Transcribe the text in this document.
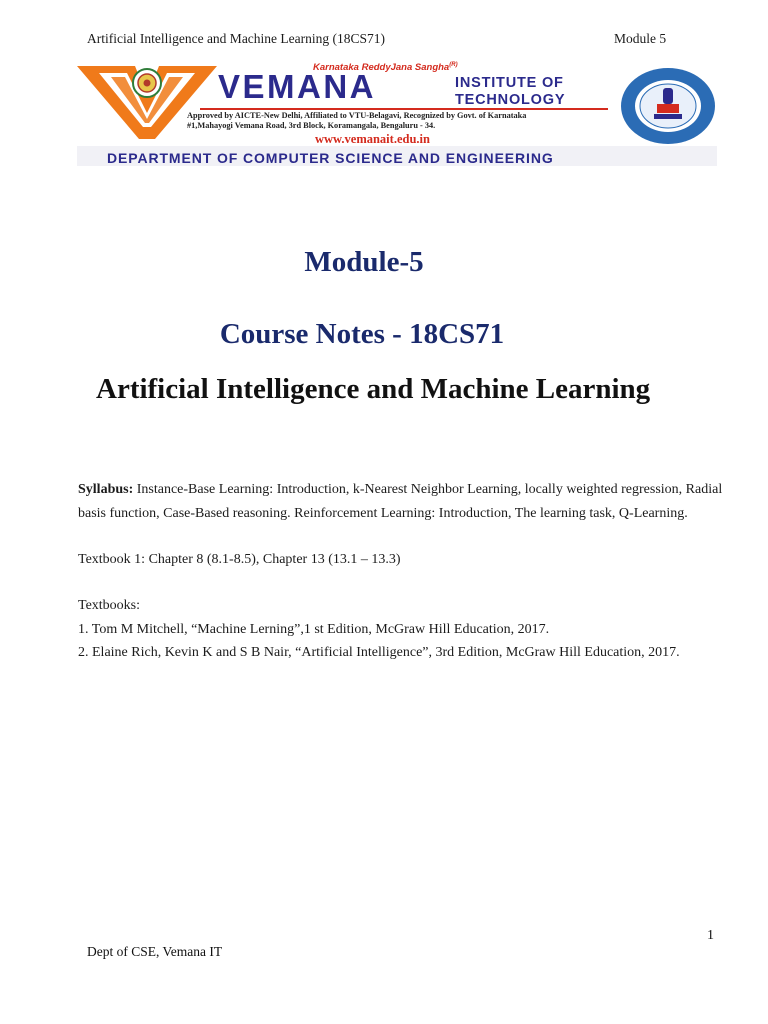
Artificial Intelligence and Machine Learning (18CS71)	Module 5
Karnataka ReddyJana Sangha$^{(R)}$
VEMANA	INSTITUTE OF
TECHNOLOGY
Approved by AICTE-New Delhi, Affiliated to VTU-Belagavi, Recognized by Govt. of Karnataka
#1,Mahayogi Vemana Road, 3rd Block, Koramangala, Bengaluru - 34.
www.vemanait.edu.in
DEPARTMENT OF COMPUTER SCIENCE AND ENGINEERING
Module-5
Course Notes - 18CS71
Artificial Intelligence and Machine Learning
Syllabus: Instance-Base Learning: Introduction, k-Nearest Neighbor Learning, locally weighted regression, Radial basis function, Case-Based reasoning. Reinforcement Learning: Introduction, The learning task, Q-Learning.
Textbook 1: Chapter 8 (8.1-8.5), Chapter 13 (13.1 – 13.3)
Textbooks:
1. Tom M Mitchell, “Machine Lerning”,1 st Edition, McGraw Hill Education, 2017.
2. Elaine Rich, Kevin K and S B Nair, “Artificial Intelligence”, 3rd Edition, McGraw Hill Education, 2017.
1
Dept of CSE, Vemana IT
